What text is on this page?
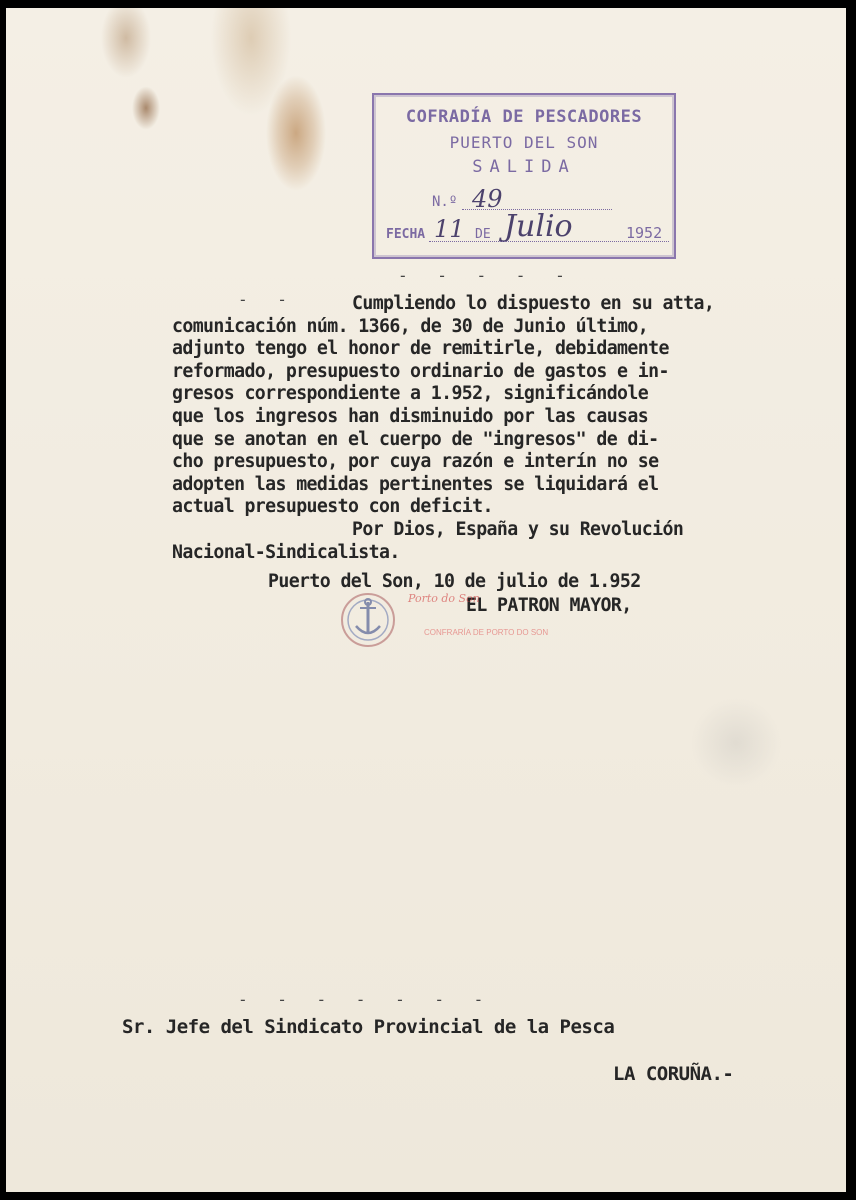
COFRADÍA DE PESCADORES
PUERTO DEL SON
SALIDA
N.º 49
FECHA 11 DE Julio	1952
- - - - -
- -	Cumpliendo lo dispuesto en su atta,
comunicación núm. 1366, de 30 de Junio último,
adjunto tengo el honor de remitirle, debidamente
reformado, presupuesto ordinario de gastos e in-
gresos correspondiente a 1.952, significándole
que los ingresos han disminuido por las causas
que se anotan en el cuerpo de "ingresos" de di-
cho presupuesto, por cuya razón e interín no se
adopten las medidas pertinentes se liquidará el
actual presupuesto con deficit.
Por Dios, España y su Revolución
Nacional-Sindicalista.
Puerto del Son, 10 de julio de 1.952
EL PATRON MAYOR,
Porto do Son
CONFRARÍA DE PORTO DO SON
- - - - - - -
Sr. Jefe del Sindicato Provincial de la Pesca
LA CORUÑA.-
